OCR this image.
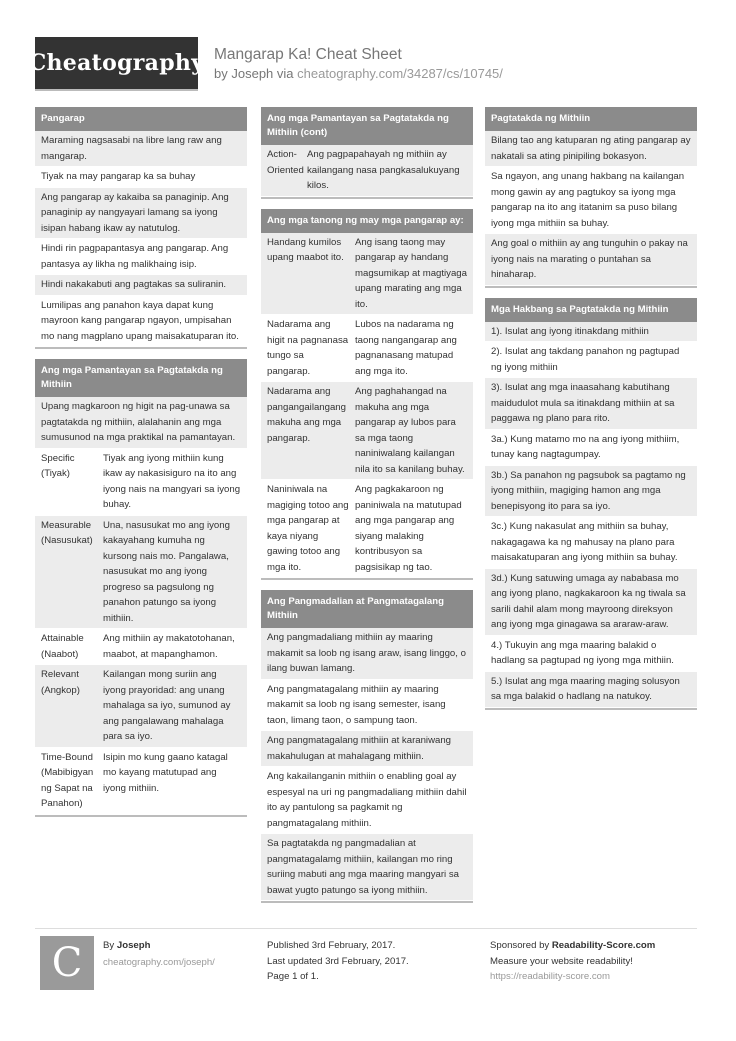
Cheatography Mangarap Ka! Cheat Sheet
by Joseph via cheatography.com/34287/cs/10745/
Pangarap
Maraming nagsasabi na libre lang raw ang mangarap.
Tiyak na may pangarap ka sa buhay
Ang pangarap ay kakaiba sa panaginip. Ang panaginip ay nangyayari lamang sa iyong isipan habang ikaw ay natutulog.
Hindi rin pagpapantasya ang pangarap. Ang pantasya ay likha ng malikhaing isip.
Hindi nakakabuti ang pagtakas sa suliranin.
Lumilipas ang panahon kaya dapat kung mayroon kang pangarap ngayon, umpisahan mo nang magplano upang maisakatuparan ito.
Ang mga Pamantayan sa Pagtatakda ng Mithiin
Upang magkaroon ng higit na pag-unawa sa pagtatakda ng mithiin, alalahanin ang mga sumusunod na mga praktikal na pamantayan.
Specific (Tiyak)
Tiyak ang iyong mithiin kung ikaw ay nakasisiguro na ito ang iyong nais na mangyari sa iyong buhay.
Measurable (Nasusukat)
Una, nasusukat mo ang iyong kakayahang kumuha ng kursong nais mo. Pangalawa, nasusukat mo ang iyong progreso sa pagsulong ng panahon patungo sa iyong mithiin.
Attainable (Naabot)
Ang mithiin ay makatotohanan, maabot, at mapanghamon.
Relevant (Angkop)
Kailangan mong suriin ang iyong prayoridad: ang unang mahalaga sa iyo, sumunod ay ang pangalawang mahalaga para sa iyo.
Time-Bound (Mabibigyan ng Sapat na Panahon)
Isipin mo kung gaano katagal mo kayang matutupad ang iyong mithiin.
Ang mga Pamantayan sa Pagtatakda ng Mithiin (cont)
Action-Oriented
Ang pagpapahayah ng mithiin ay kailangang nasa pangkasalukuyang kilos.
Ang mga tanong ng may mga pangarap ay:
Handang kumilos upang maabot ito.
Ang isang taong may pangarap ay handang magsumikap at magtiyaga upang marating ang mga ito.
Nadarama ang higit na pagnanasa tungo sa pangarap.
Lubos na nadarama ng taong nangangarap ang pagnanasang matupad ang mga ito.
Nadarama ang pangangailangang makuha ang mga pangarap.
Ang paghahangad na makuha ang mga pangarap ay lubos para sa mga taong naniniwalang kailangan nila ito sa kanilang buhay.
Naniniwala na magiging totoo ang mga pangarap at kaya niyang gawing totoo ang mga ito.
Ang pagkakaroon ng paniniwala na matutupad ang mga pangarap ang siyang malaking kontribusyon sa pagsisikap ng tao.
Ang Pangmadalian at Pangmatagalang Mithiin
Ang pangmadaliang mithiin ay maaring makamit sa loob ng isang araw, isang linggo, o ilang buwan lamang.
Ang pangmatagalang mithiin ay maaring makamit sa loob ng isang semester, isang taon, limang taon, o sampung taon.
Ang pangmatagalang mithiin at karaniwang makahulugan at mahalagang mithiin.
Ang kakailanganin mithiin o enabling goal ay espesyal na uri ng pangmadaliang mithiin dahil ito ay pantulong sa pagkamit ng pangmatagalang mithiin.
Sa pagtatakda ng pangmadalian at pangmatagalamg mithiin, kailangan mo ring suriing mabuti ang mga maaring mangyari sa bawat yugto patungo sa iyong mithiin.
Pagtatakda ng Mithiin
Bilang tao ang katuparan ng ating pangarap ay nakatali sa ating pinipiling bokasyon.
Sa ngayon, ang unang hakbang na kailangan mong gawin ay ang pagtukoy sa iyong mga pangarap na ito ang itatanim sa puso bilang iyong mga mithiin sa buhay.
Ang goal o mithiin ay ang tunguhin o pakay na iyong nais na marating o puntahan sa hinaharap.
Mga Hakbang sa Pagtatakda ng Mithiin
1). Isulat ang iyong itinakdang mithiin
2). Isulat ang takdang panahon ng pagtupad ng iyong mithiin
3). Isulat ang mga inaasahang kabutihang maidudulot mula sa itinakdang mithiin at sa paggawa ng plano para rito.
3a.) Kung matamo mo na ang iyong mithiim, tunay kang nagtagumpay.
3b.) Sa panahon ng pagsubok sa pagtamo ng iyong mithiin, magiging hamon ang mga benepisyong ito para sa iyo.
3c.) Kung nakasulat ang mithiin sa buhay, nakagagawa ka ng mahusay na plano para maisakatuparan ang iyong mithiin sa buhay.
3d.) Kung satuwing umaga ay nababasa mo ang iyong plano, nagkakaroon ka ng tiwala sa sarili dahil alam mong mayroong direksyon ang iyong mga ginagawa sa araraw-araw.
4.) Tukuyin ang mga maaring balakid o hadlang sa pagtupad ng iyong mga mithiin.
5.) Isulat ang mga maaring maging solusyon sa mga balakid o hadlang na natukoy.
C	By Joseph
cheatography.com/joseph/
Published 3rd February, 2017.
Last updated 3rd February, 2017.
Page 1 of 1.
Sponsored by Readability-Score.com
Measure your website readability!
https://readability-score.com
